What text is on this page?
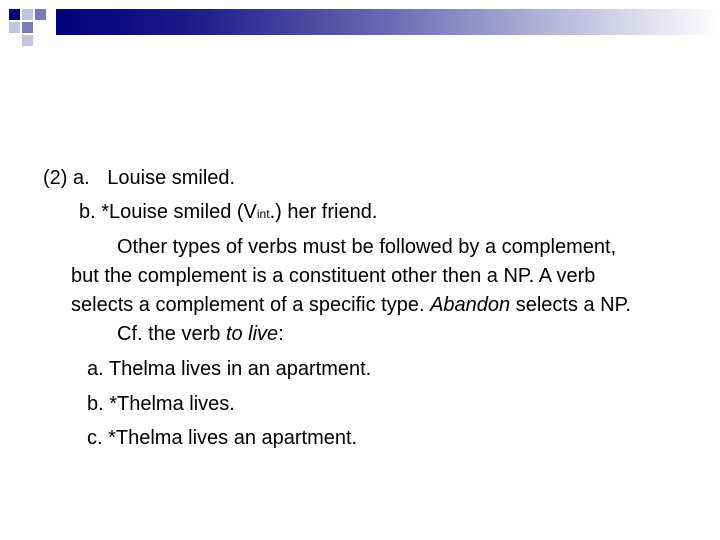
(2) a. Louise smiled.
b. *Louise smiled (Vint.) her friend.
Other types of verbs must be followed by a complement,
but the complement is a constituent other then a NP. A verb
selects a complement of a specific type. Abandon selects a NP.
Cf. the verb to live:
a. Thelma lives in an apartment.
b. *Thelma lives.
c. *Thelma lives an apartment.
